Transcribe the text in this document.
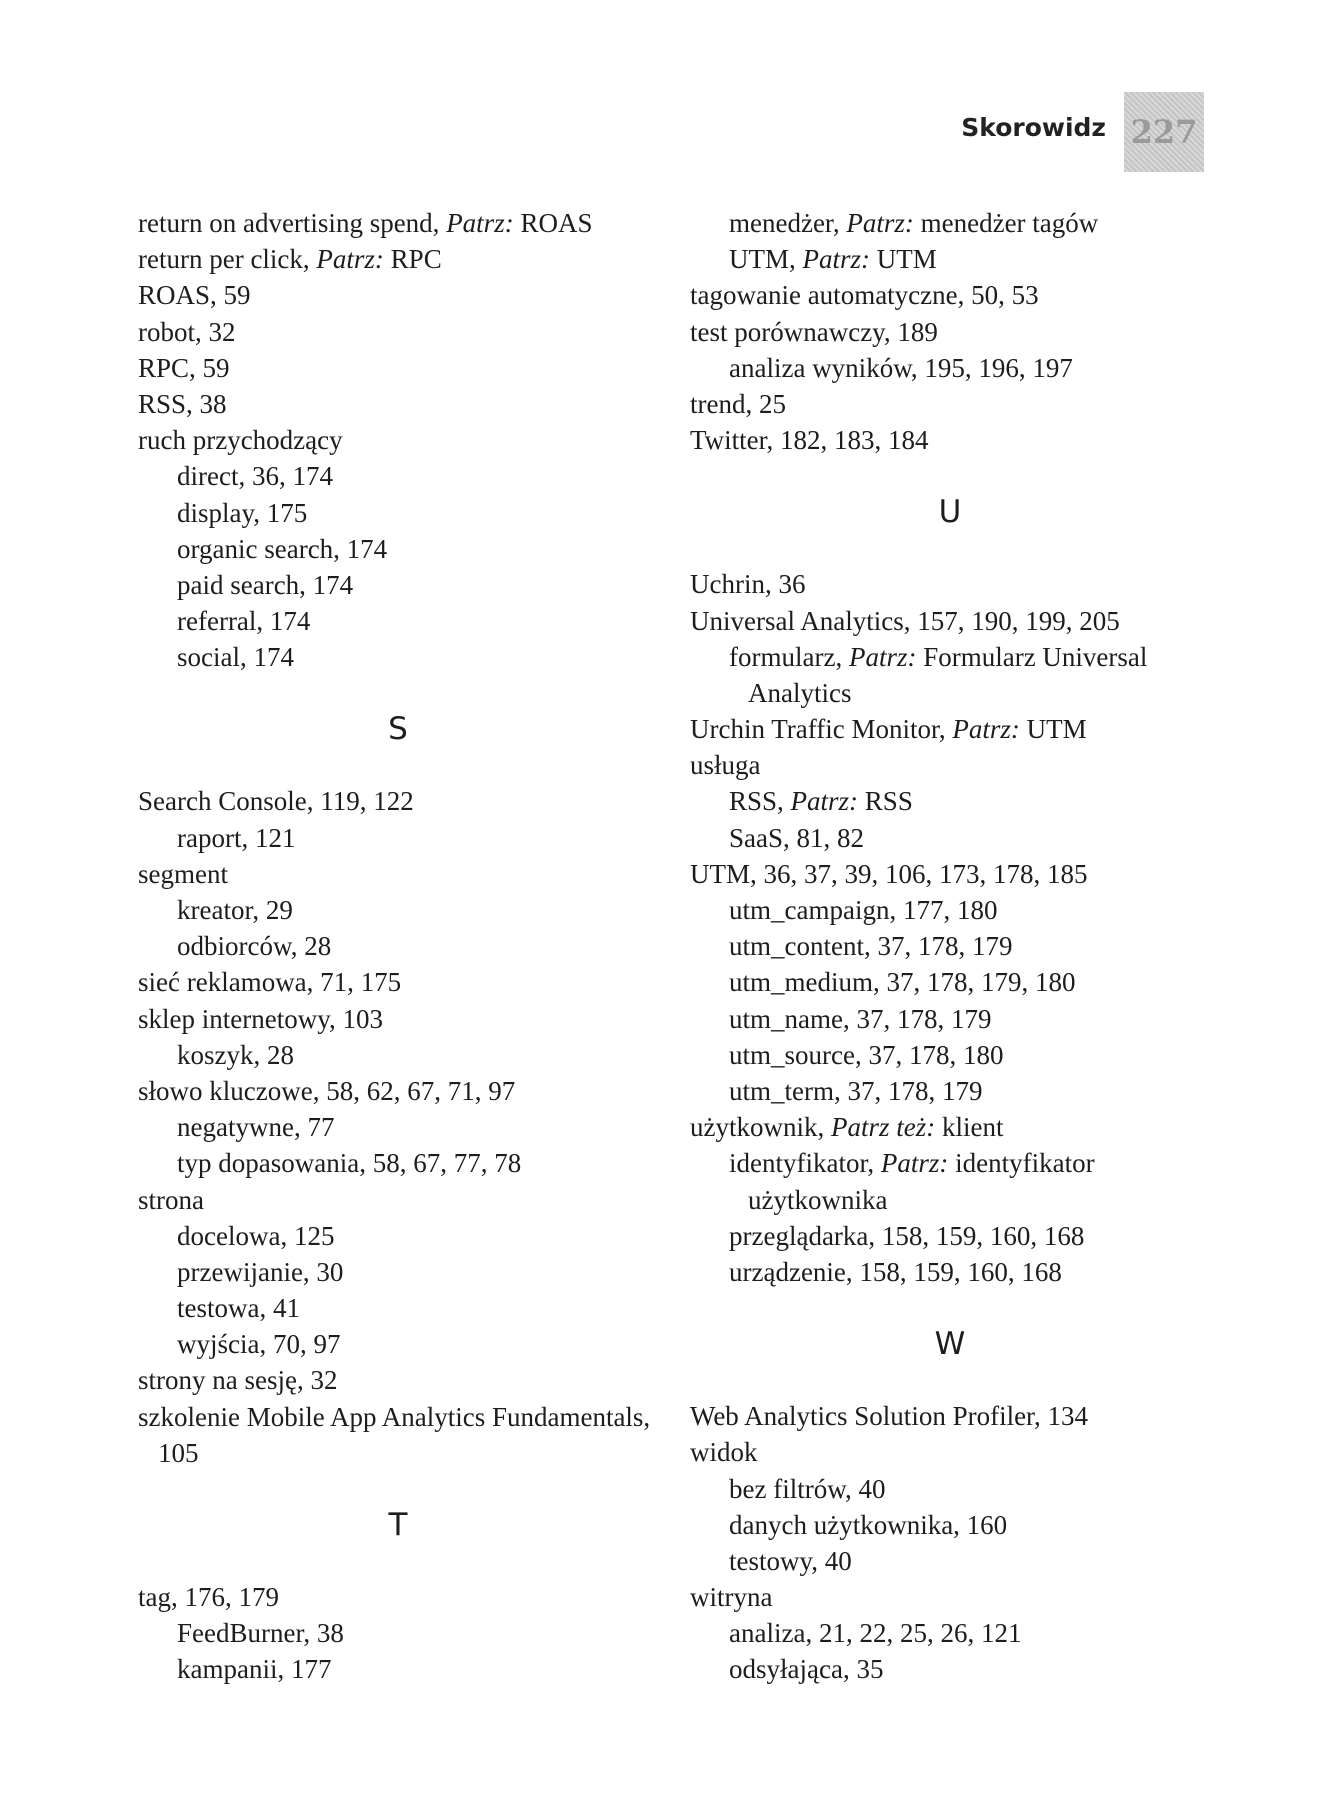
Skorowidz 227
return on advertising spend, Patrz: ROAS
return per click, Patrz: RPC
ROAS, 59
robot, 32
RPC, 59
RSS, 38
ruch przychodzący
direct, 36, 174
display, 175
organic search, 174
paid search, 174
referral, 174
social, 174
S
Search Console, 119, 122
raport, 121
segment
kreator, 29
odbiorców, 28
sieć reklamowa, 71, 175
sklep internetowy, 103
koszyk, 28
słowo kluczowe, 58, 62, 67, 71, 97
negatywne, 77
typ dopasowania, 58, 67, 77, 78
strona
docelowa, 125
przewijanie, 30
testowa, 41
wyjścia, 70, 97
strony na sesję, 32
szkolenie Mobile App Analytics Fundamentals, 105
T
tag, 176, 179
FeedBurner, 38
kampanii, 177
menedżer, Patrz: menedżer tagów
UTM, Patrz: UTM
tagowanie automatyczne, 50, 53
test porównawczy, 189
analiza wyników, 195, 196, 197
trend, 25
Twitter, 182, 183, 184
U
Uchrin, 36
Universal Analytics, 157, 190, 199, 205
formularz, Patrz: Formularz Universal Analytics
Urchin Traffic Monitor, Patrz: UTM
usługa
RSS, Patrz: RSS
SaaS, 81, 82
UTM, 36, 37, 39, 106, 173, 178, 185
utm_campaign, 177, 180
utm_content, 37, 178, 179
utm_medium, 37, 178, 179, 180
utm_name, 37, 178, 179
utm_source, 37, 178, 180
utm_term, 37, 178, 179
użytkownik, Patrz też: klient
identyfikator, Patrz: identyfikator użytkownika
przeglądarka, 158, 159, 160, 168
urządzenie, 158, 159, 160, 168
W
Web Analytics Solution Profiler, 134
widok
bez filtrów, 40
danych użytkownika, 160
testowy, 40
witryna
analiza, 21, 22, 25, 26, 121
odsyłająca, 35
